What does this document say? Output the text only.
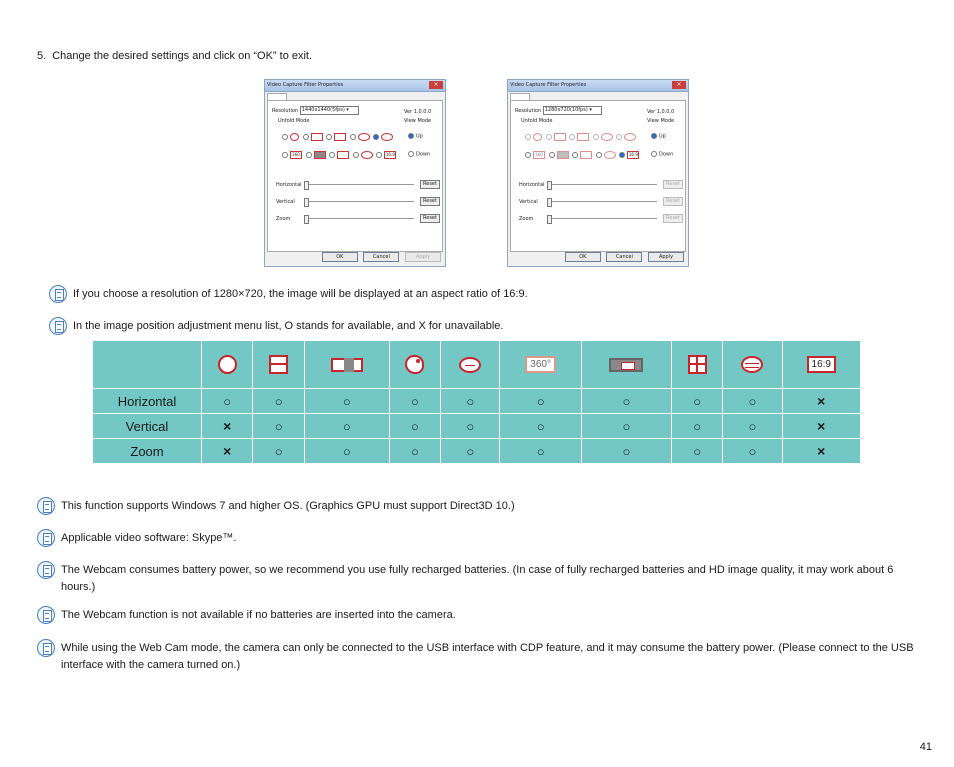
5. Change the desired settings and click on “OK” to exit.
Video Capture Filter Properties	×
Resolution 1440x1440(5fps) ▾	Ver 1.0.0.0
Unfold Mode	View Mode

Up
360	16:9	Down
Horizontal	Reset
Vertical	Reset
Zoom	Reset
OK	Cancel	Apply
Video Capture Filter Properties	×
Resolution 1280x720(10fps) ▾	Ver 1.0.0.0
Unfold Mode	View Mode

Up
360	16:9	Down
Horizontal	Reset
Vertical	Reset
Zoom	Reset
OK	Cancel	Apply
If you choose a resolution of 1280×720, the image will be displayed at an aspect ratio of 16:9.
In the image position adjustment menu list, O stands for available, and X for unavailable.
						360°				16:9
Horizontal	○	○	○	○	○	○	○	○	○	×
Vertical	×	○	○	○	○	○	○	○	○	×
Zoom	×	○	○	○	○	○	○	○	○	×
This function supports Windows 7 and higher OS. (Graphics GPU must support Direct3D 10.)
Applicable video software: Skype™.
The Webcam consumes battery power, so we recommend you use fully recharged batteries. (In case of fully recharged batteries and HD image quality, it may work about 6 hours.)
The Webcam function is not available if no batteries are inserted into the camera.
While using the Web Cam mode, the camera can only be connected to the USB interface with CDP feature, and it may consume the battery power. (Please connect to the USB interface with the camera turned on.)
41
